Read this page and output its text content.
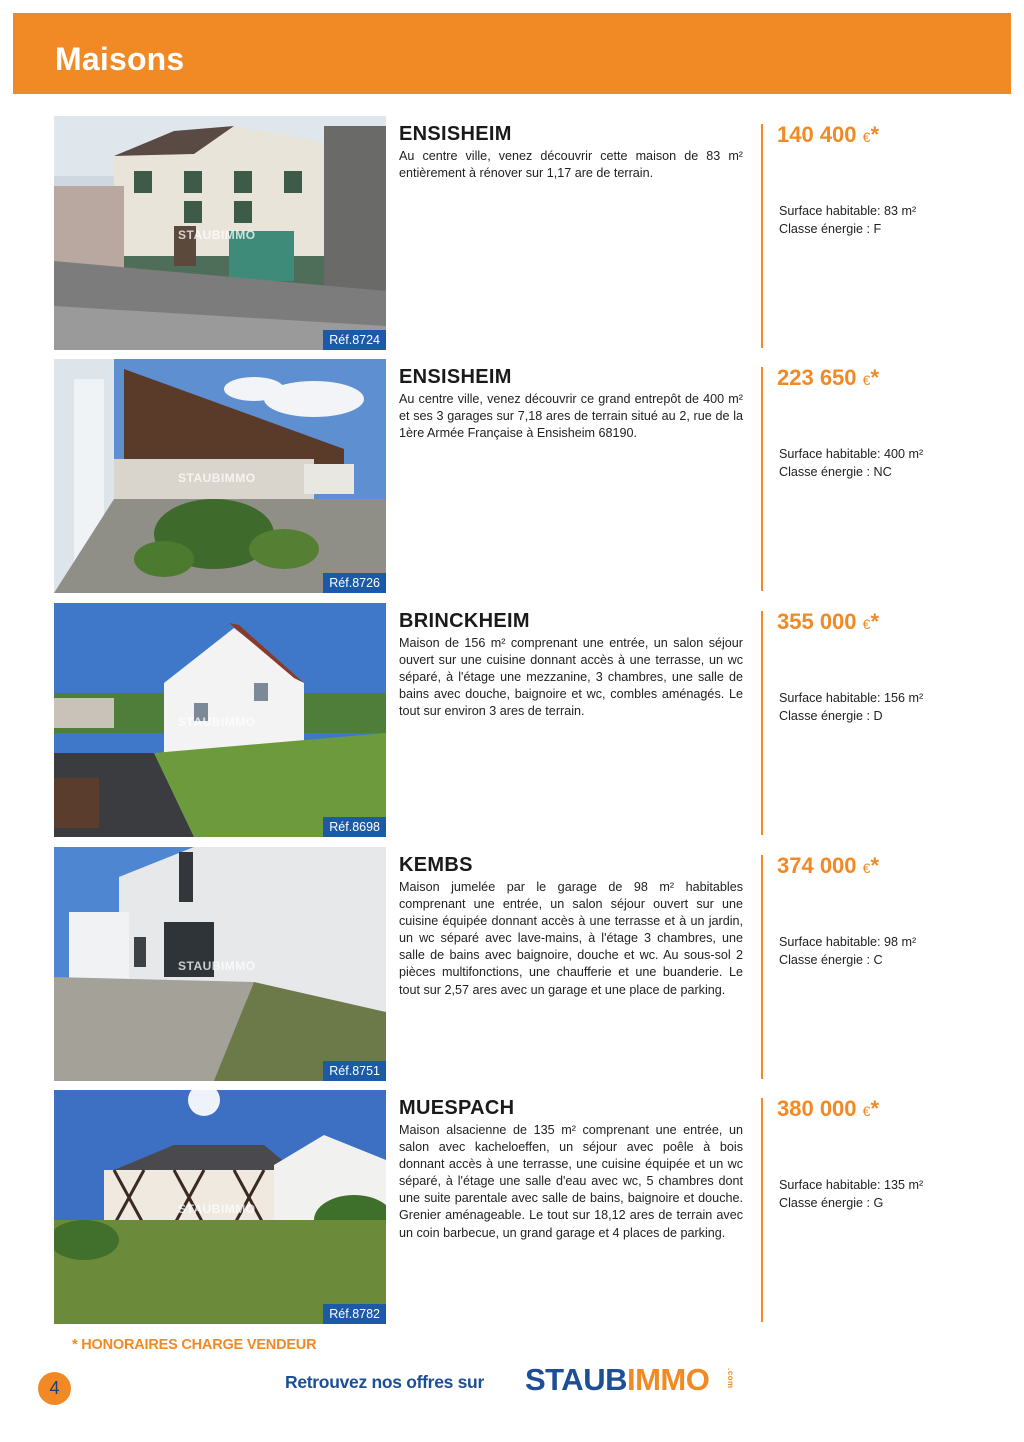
Maisons
STAUBIMMO
Réf.8724
ENSISHEIM
Au centre ville, venez découvrir cette maison de 83 m² entièrement à rénover sur 1,17 are de terrain.
140 400 €*
Surface habitable: 83 m²
Classe énergie : F
STAUBIMMO
Réf.8726
ENSISHEIM
Au centre ville, venez découvrir ce grand entrepôt de 400 m² et ses 3 garages sur 7,18 ares de terrain situé au 2, rue de la 1ère Armée Française à Ensisheim 68190.
223 650 €*
Surface habitable: 400 m²
Classe énergie : NC
STAUBIMMO
Réf.8698
BRINCKHEIM
Maison de 156 m² comprenant une entrée, un salon séjour ouvert sur une cuisine donnant accès à une terrasse, un wc séparé, à l'étage une mezzanine, 3 chambres, une salle de bains avec douche, baignoire et wc, combles aménagés. Le tout sur environ 3 ares de terrain.
355 000 €*
Surface habitable: 156 m²
Classe énergie : D
STAUBIMMO
Réf.8751
KEMBS
Maison jumelée par le garage de 98 m² habitables comprenant une entrée, un salon séjour ouvert sur une cuisine équipée donnant accès à une terrasse et à un jardin, un wc séparé avec lave-mains, à l'étage 3 chambres, une salle de bains avec baignoire, douche et wc. Au sous-sol 2 pièces multifonctions, une chaufferie et une buanderie. Le tout sur 2,57 ares avec un garage et une place de parking.
374 000 €*
Surface habitable: 98 m²
Classe énergie : C
STAUBIMMO
Réf.8782
MUESPACH
Maison alsacienne de 135 m² comprenant une entrée, un salon avec kacheloeffen, un séjour avec poêle à bois donnant accès à une terrasse, une cuisine équipée et un wc séparé, à l'étage une salle d'eau avec wc, 5 chambres dont une suite parentale avec salle de bains, baignoire et douche. Grenier aménageable. Le tout sur 18,12 ares de terrain avec un coin barbecue, un grand garage et 4 places de parking.
380 000 €*
Surface habitable: 135 m²
Classe énergie : G
* HONORAIRES CHARGE VENDEUR
4	Retrouvez nos offres sur STAUBIMMO .com
